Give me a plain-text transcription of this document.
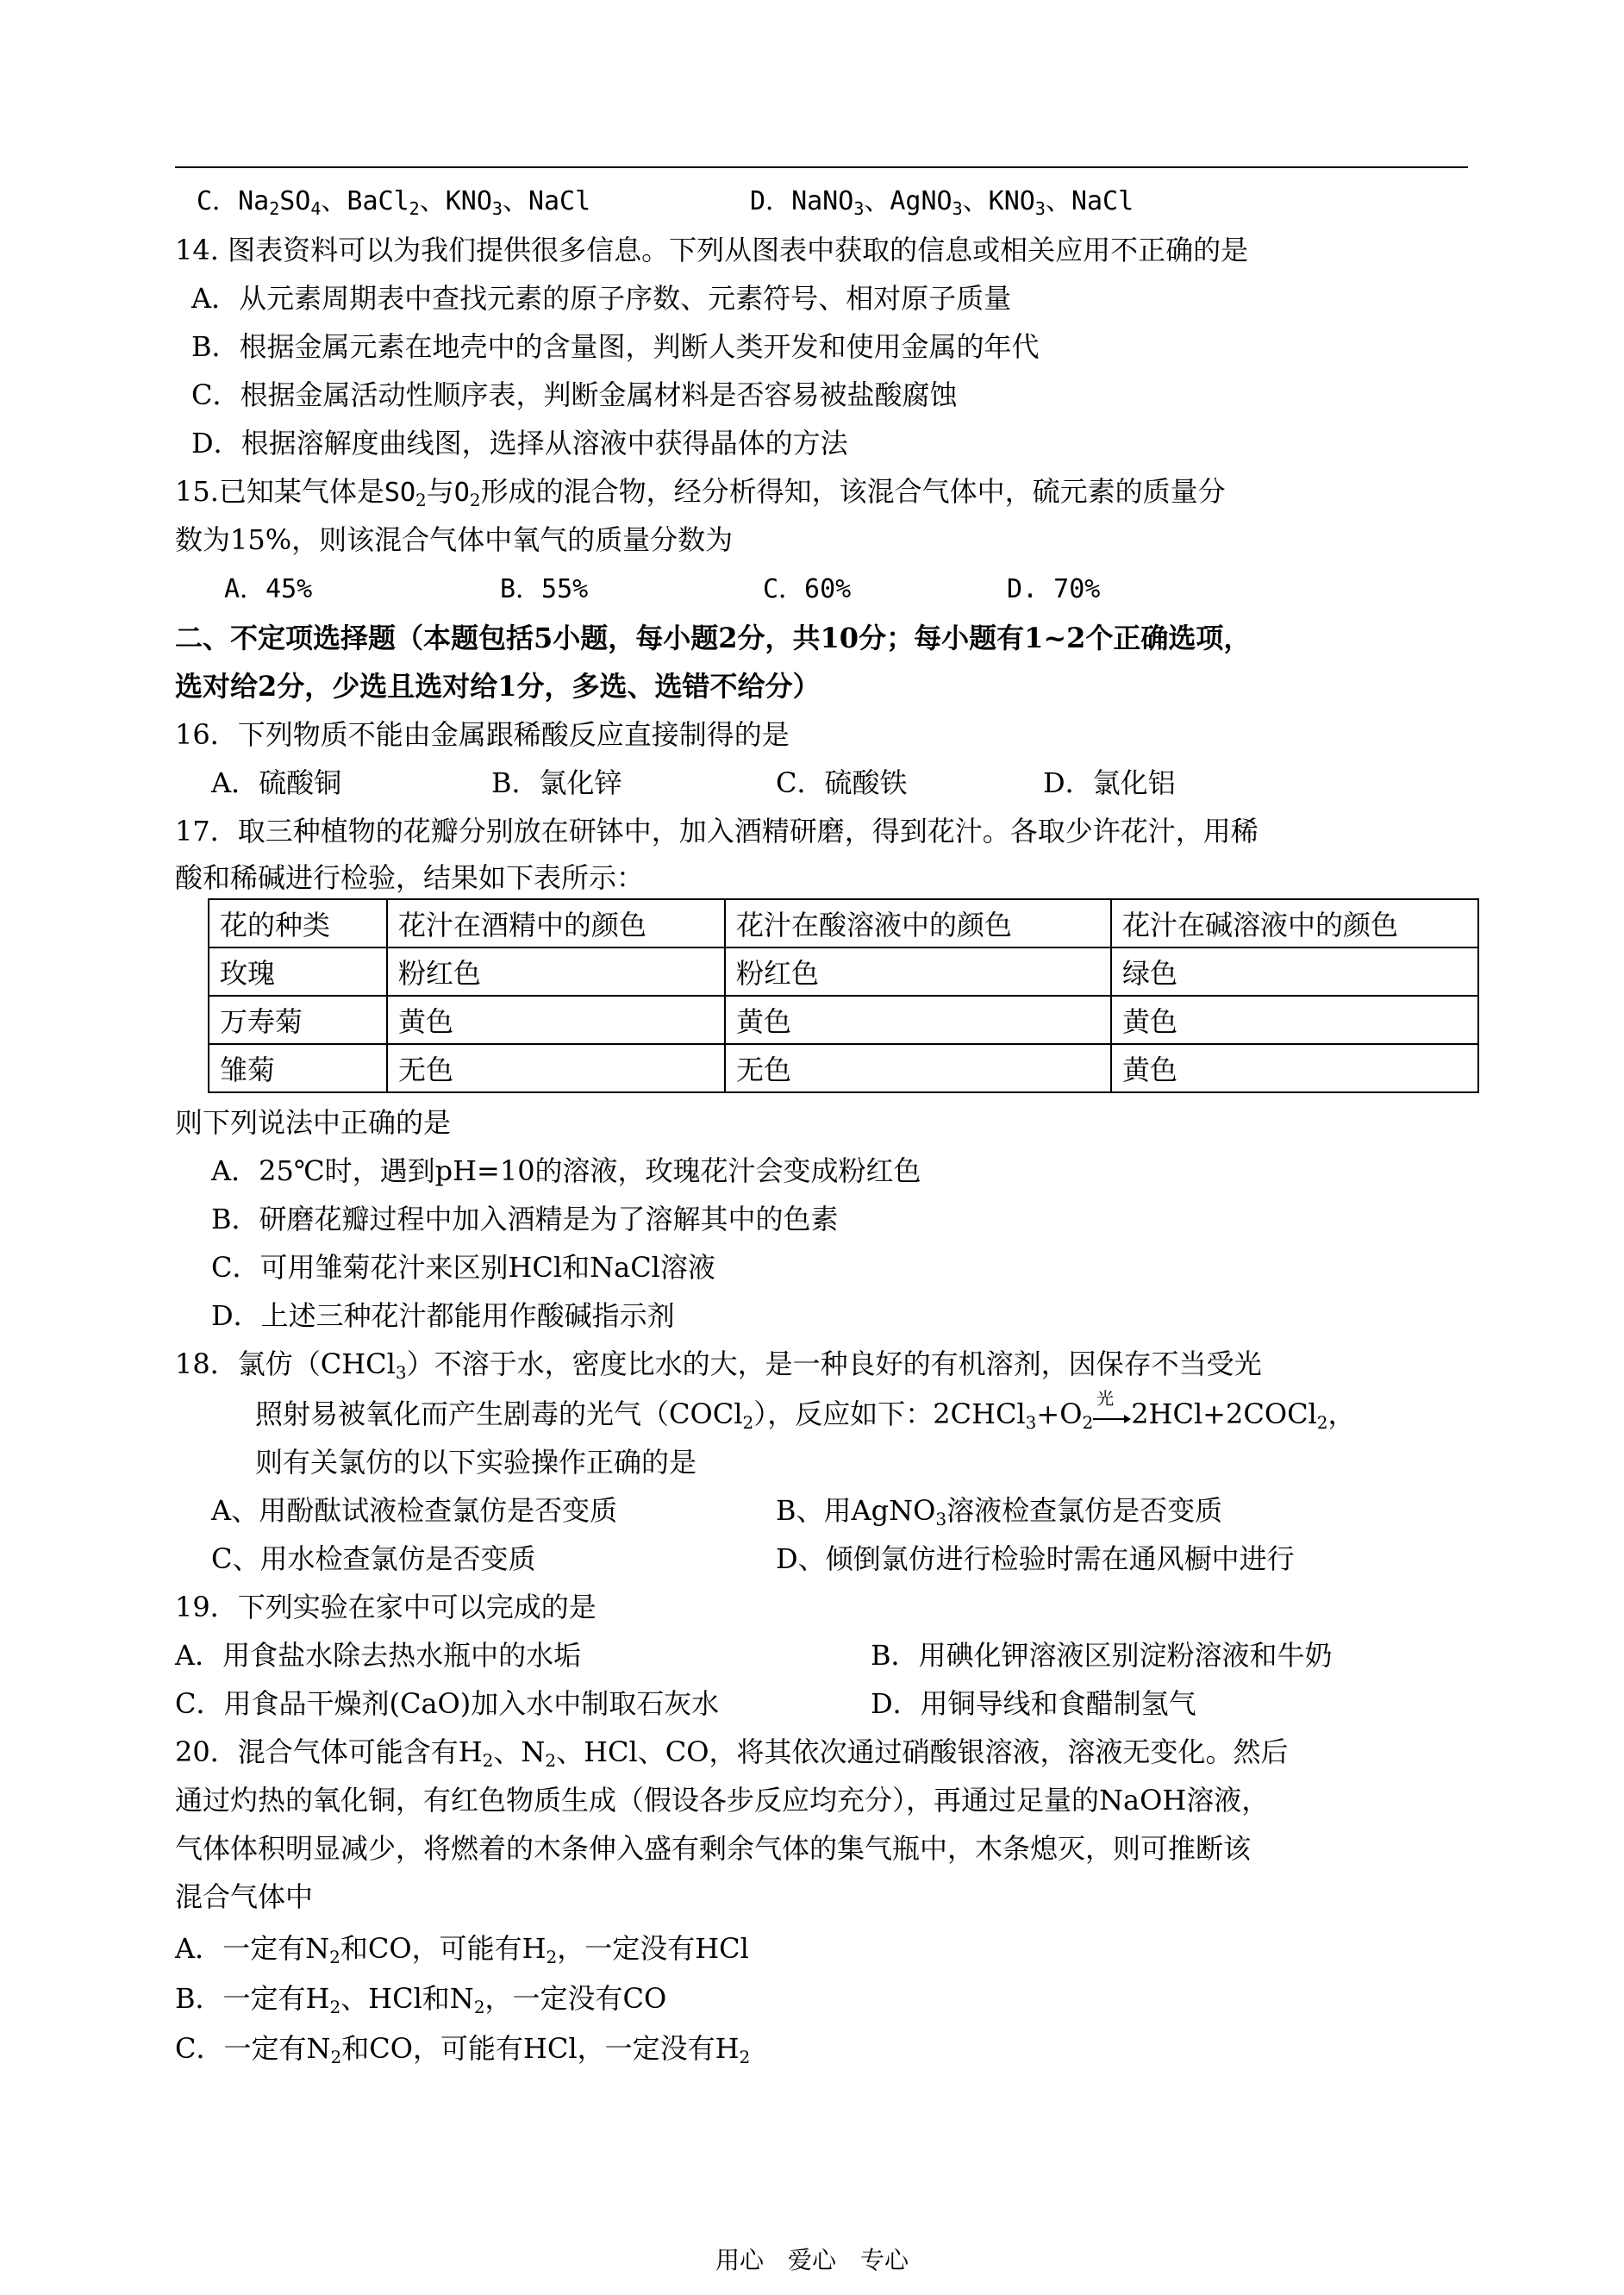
C．$Na_2SO_4$、BaCl$_2$、$KNO_3$、NaCl	D．NaNO$_3$、AgNO$_3$、$KNO_3$、NaCl
14. 图表资料可以为我们提供很多信息。下列从图表中获取的信息或相关应用不正确的是
A．从元素周期表中查找元素的原子序数、元素符号、相对原子质量
B．根据金属元素在地壳中的含量图，判断人类开发和使用金属的年代
C．根据金属活动性顺序表，判断金属材料是否容易被盐酸腐蚀
D．根据溶解度曲线图，选择从溶液中获得晶体的方法
15.已知某气体是$SO_2$与$O_2$形成的混合物，经分析得知，该混合气体中，硫元素的质量分
数为15%，则该混合气体中氧气的质量分数为
A．45%	B．55%	C．60%	D. 70%
二、不定项选择题（本题包括5小题，每小题2分，共10分；每小题有1~2个正确选项，
选对给2分，少选且选对给1分，多选、选错不给分）
16．下列物质不能由金属跟稀酸反应直接制得的是
A．硫酸铜	B．氯化锌	C．硫酸铁	D．氯化铝
17．取三种植物的花瓣分别放在研钵中，加入酒精研磨，得到花汁。各取少许花汁，用稀
酸和稀碱进行检验，结果如下表所示：
花的种类	花汁在酒精中的颜色	花汁在酸溶液中的颜色	花汁在碱溶液中的颜色
玫瑰	粉红色	粉红色	绿色
万寿菊	黄色	黄色	黄色
雏菊	无色	无色	黄色
则下列说法中正确的是
A．25℃时，遇到pH=10的溶液，玫瑰花汁会变成粉红色
B．研磨花瓣过程中加入酒精是为了溶解其中的色素
C．可用雏菊花汁来区别HCl和NaCl溶液
D．上述三种花汁都能用作酸碱指示剂
18．氯仿（CHCl$_3$）不溶于水，密度比水的大，是一种良好的有机溶剂，因保存不当受光
照射易被氧化而产生剧毒的光气（COCl$_2$），反应如下：$2CHCl_3+O_2$
光 2HCl+2COCl$_2$，
则有关氯仿的以下实验操作正确的是
A、用酚酞试液检查氯仿是否变质	B、用AgNO$_3$溶液检查氯仿是否变质
C、用水检查氯仿是否变质	D、倾倒氯仿进行检验时需在通风橱中进行
19．下列实验在家中可以完成的是
A．用食盐水除去热水瓶中的水垢	B．用碘化钾溶液区别淀粉溶液和牛奶
C．用食品干燥剂(CaO)加入水中制取石灰水	D．用铜导线和食醋制氢气
20．混合气体可能含有$H_2$、$N_2$、HCl、CO，将其依次通过硝酸银溶液，溶液无变化。然后
通过灼热的氧化铜，有红色物质生成（假设各步反应均充分），再通过足量的NaOH溶液，
气体体积明显减少，将燃着的木条伸入盛有剩余气体的集气瓶中，木条熄灭，则可推断该
混合气体中
A．一定有$N_2$和CO，可能有$H_2$，一定没有HCl
B．一定有$H_2$、HCl和$N_2$，一定没有CO
C．一定有$N_2$和CO，可能有HCl，一定没有$H_2$
用心　爱心　专心
